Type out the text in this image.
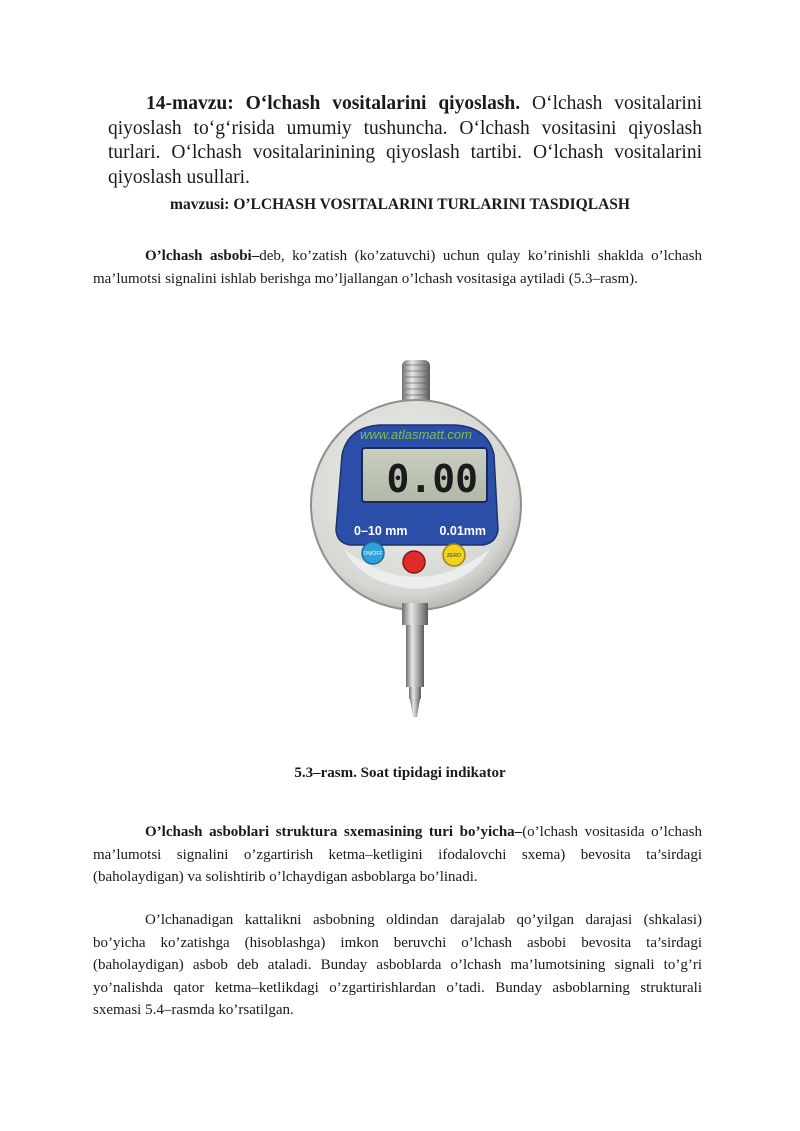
14-mavzu: O‘lchash vositalarini qiyoslash. O‘lchash vositalarini qiyoslash to‘g‘risida umumiy tushuncha. O‘lchash vositasini qiyoslash turlari. O‘lchash vositalarinining qiyoslash tartibi. O‘lchash vositalarini qiyoslash usullari.

mavzusi: O’LCHASH VOSITALARINI TURLARINI TASDIQLASH

O’lchash asbobi–deb, ko’zatish (ko’zatuvchi) uchun qulay ko’rinishli shaklda o’lchash ma’lumotsi signalini ishlab berishga mo’ljallangan o’lchash vositasiga aytiladi (5.3–rasm).

www.atlasmatt.com
0.00
0–10 mm	0.01mm
ON/OFF	ZERO
5.3–rasm. Soat tipidagi indikator

O’lchash asboblari struktura sxemasining turi bo’yicha–(o’lchash vositasida o’lchash ma’lumotsi signalini o’zgartirish ketma–ketligini ifodalovchi sxema) bevosita ta’sirdagi (baholaydigan) va solishtirib o’lchaydigan asboblarga bo’linadi.

O’lchanadigan kattalikni asbobning oldindan darajalab qo’yilgan darajasi (shkalasi) bo’yicha ko’zatishga (hisoblashga) imkon beruvchi o’lchash asbobi bevosita ta’sirdagi (baholaydigan) asbob deb ataladi. Bunday asboblarda o’lchash ma’lumotsining signali to’g’ri yo’nalishda qator ketma–ketlikdagi o’zgartirishlardan o’tadi. Bunday asboblarning strukturali sxemasi 5.4–rasmda ko’rsatilgan.
